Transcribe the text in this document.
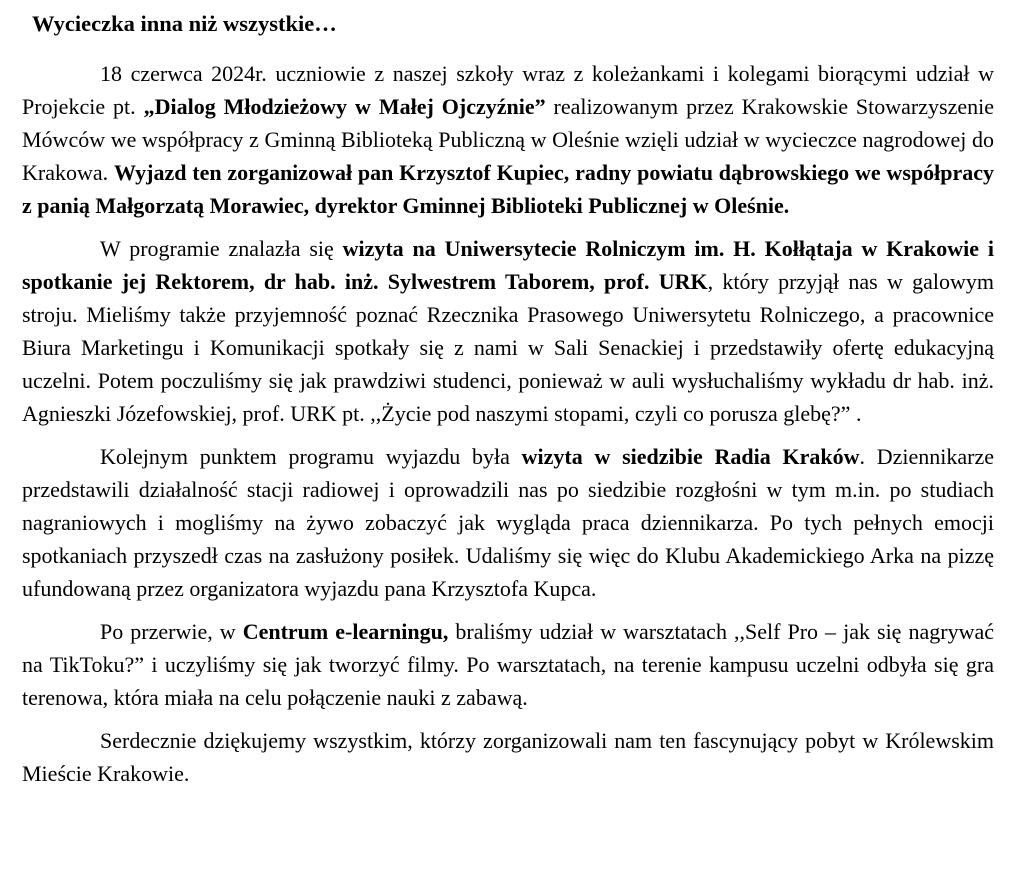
Wycieczka inna niż wszystkie…

18 czerwca 2024r. uczniowie z naszej szkoły wraz z koleżankami i kolegami biorącymi udział w Projekcie pt. „Dialog Młodzieżowy w Małej Ojczyźnie” realizowanym przez Krakowskie Stowarzyszenie Mówców we współpracy z Gminną Biblioteką Publiczną w Oleśnie wzięli udział w wycieczce nagrodowej do Krakowa. Wyjazd ten zorganizował pan Krzysztof Kupiec, radny powiatu dąbrowskiego we współpracy z panią Małgorzatą Morawiec, dyrektor Gminnej Biblioteki Publicznej w Oleśnie.

W programie znalazła się wizyta na Uniwersytecie Rolniczym im. H. Kołłątaja w Krakowie i spotkanie jej Rektorem, dr hab. inż. Sylwestrem Taborem, prof. URK, który przyjął nas w galowym stroju. Mieliśmy także przyjemność poznać Rzecznika Prasowego Uniwersytetu Rolniczego, a pracownice Biura Marketingu i Komunikacji spotkały się z nami w Sali Senackiej i przedstawiły ofertę edukacyjną uczelni. Potem poczuliśmy się jak prawdziwi studenci, ponieważ w auli wysłuchaliśmy wykładu dr hab. inż. Agnieszki Józefowskiej, prof. URK pt. ,,Życie pod naszymi stopami, czyli co porusza glebę?” .

Kolejnym punktem programu wyjazdu była wizyta w siedzibie Radia Kraków. Dziennikarze przedstawili działalność stacji radiowej i oprowadzili nas po siedzibie rozgłośni w tym m.in. po studiach nagraniowych i mogliśmy na żywo zobaczyć jak wygląda praca dziennikarza. Po tych pełnych emocji spotkaniach przyszedł czas na zasłużony posiłek. Udaliśmy się więc do Klubu Akademickiego Arka na pizzę ufundowaną przez organizatora wyjazdu pana Krzysztofa Kupca.

Po przerwie, w Centrum e-learningu, braliśmy udział w warsztatach ,,Self Pro – jak się nagrywać na TikToku?” i uczyliśmy się jak tworzyć filmy. Po warsztatach, na terenie kampusu uczelni odbyła się gra terenowa, która miała na celu połączenie nauki z zabawą.

Serdecznie dziękujemy wszystkim, którzy zorganizowali nam ten fascynujący pobyt w Królewskim Mieście Krakowie.
